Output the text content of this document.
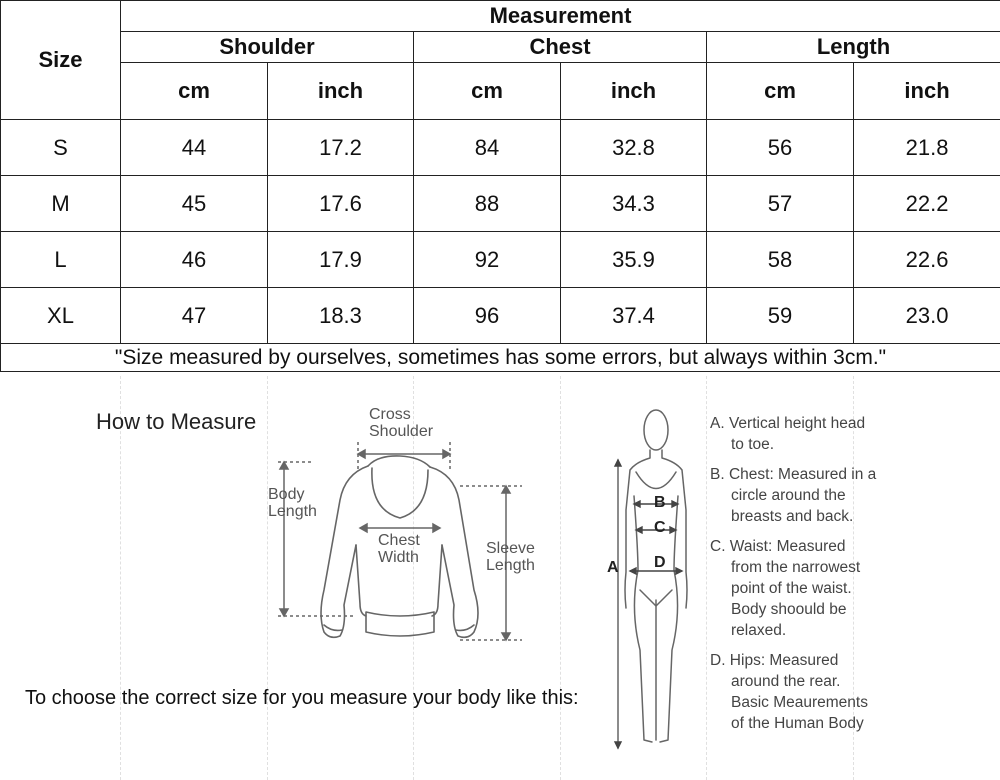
Size	Measurement					
	Shoulder		Chest		Length	
	cm	inch	cm	inch	cm	inch
S	44	17.2	84	32.8	56	21.8
M	45	17.6	88	34.3	57	22.2
L	46	17.9	92	35.9	58	22.6
XL	47	18.3	96	37.4	59	23.0
"Size measured by ourselves, sometimes has some errors, but always within 3cm."						
How to Measure	Cross
Shoulder
Body
Length
Chest
Width
Sleeve
Length	A
B
C
D
A. Vertical height head
to toe.
B. Chest: Measured in a
circle around the
breasts and back.
C. Waist: Measured
from the narrowest
point of the waist.
Body shoould be
relaxed.
D. Hips: Measured
around the rear.
Basic Meaurements
of the Human Body
To choose the correct size for you measure your body like this:
